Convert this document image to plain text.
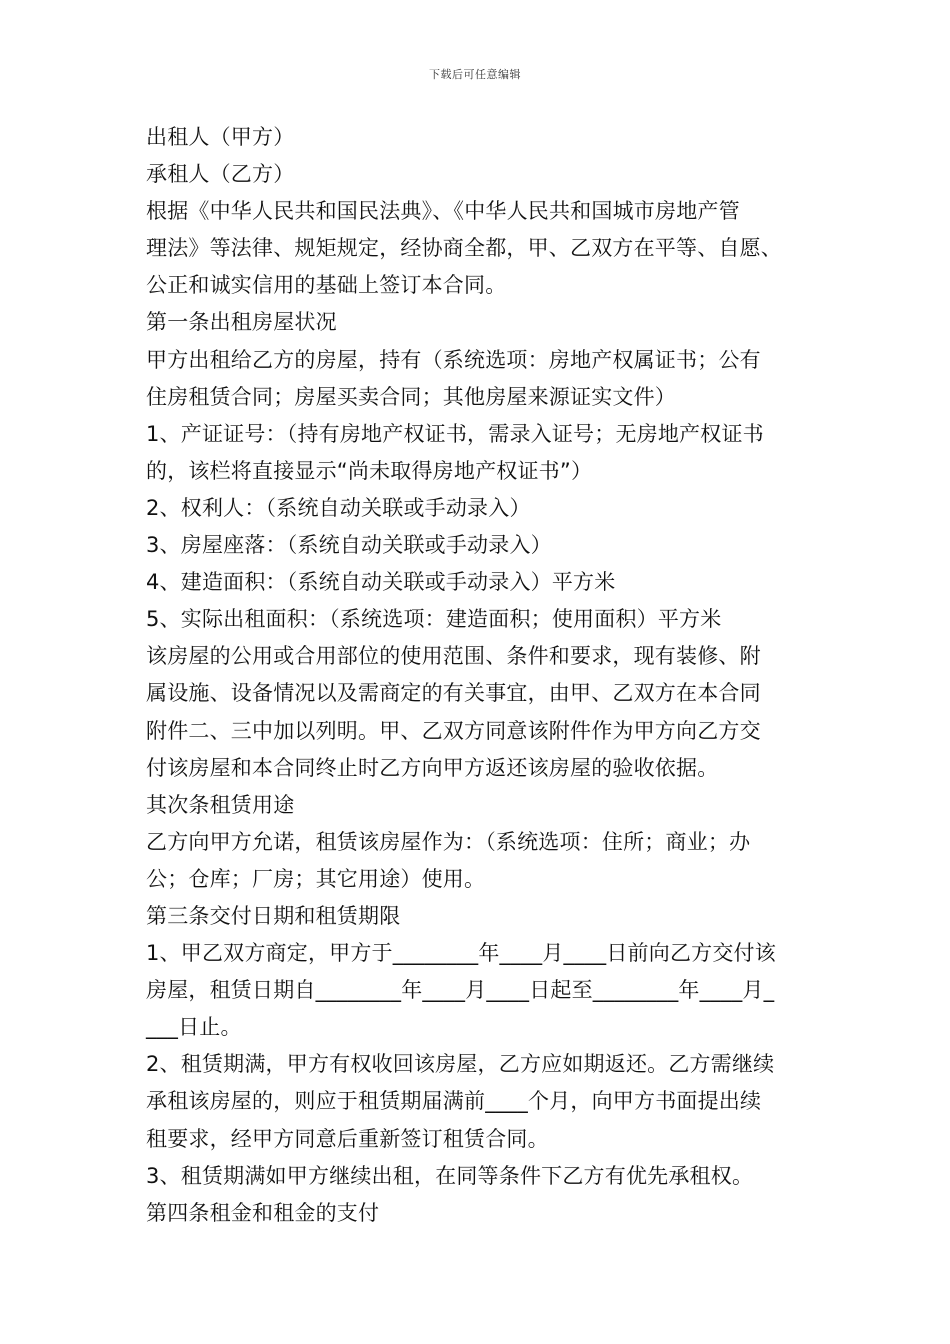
下载后可任意编辑
出租人（甲方）
承租人（乙方）
根据《中华人民共和国民法典》、《中华人民共和国城市房地产管
理法》等法律、规矩规定，经协商全都，甲、乙双方在平等、自愿、
公正和诚实信用的基础上签订本合同。
第一条出租房屋状况
甲方出租给乙方的房屋，持有（系统选项：房地产权属证书；公有
住房租赁合同；房屋买卖合同；其他房屋来源证实文件）
1、产证证号：（持有房地产权证书，需录入证号；无房地产权证书
的，该栏将直接显示“尚未取得房地产权证书”）
2、权利人：（系统自动关联或手动录入）
3、房屋座落：（系统自动关联或手动录入）
4、建造面积：（系统自动关联或手动录入）平方米
5、实际出租面积：（系统选项：建造面积；使用面积）平方米
该房屋的公用或合用部位的使用范围、条件和要求，现有装修、附
属设施、设备情况以及需商定的有关事宜，由甲、乙双方在本合同
附件二、三中加以列明。甲、乙双方同意该附件作为甲方向乙方交
付该房屋和本合同终止时乙方向甲方返还该房屋的验收依据。
其次条租赁用途
乙方向甲方允诺，租赁该房屋作为：（系统选项：住所；商业；办
公；仓库；厂房；其它用途）使用。
第三条交付日期和租赁期限
1、甲乙双方商定，甲方于________年____月____日前向乙方交付该
房屋，租赁日期自________年____月____日起至________年____月_
___日止。
2、租赁期满，甲方有权收回该房屋，乙方应如期返还。乙方需继续
承租该房屋的，则应于租赁期届满前____个月，向甲方书面提出续
租要求，经甲方同意后重新签订租赁合同。
3、租赁期满如甲方继续出租，在同等条件下乙方有优先承租权。
第四条租金和租金的支付
